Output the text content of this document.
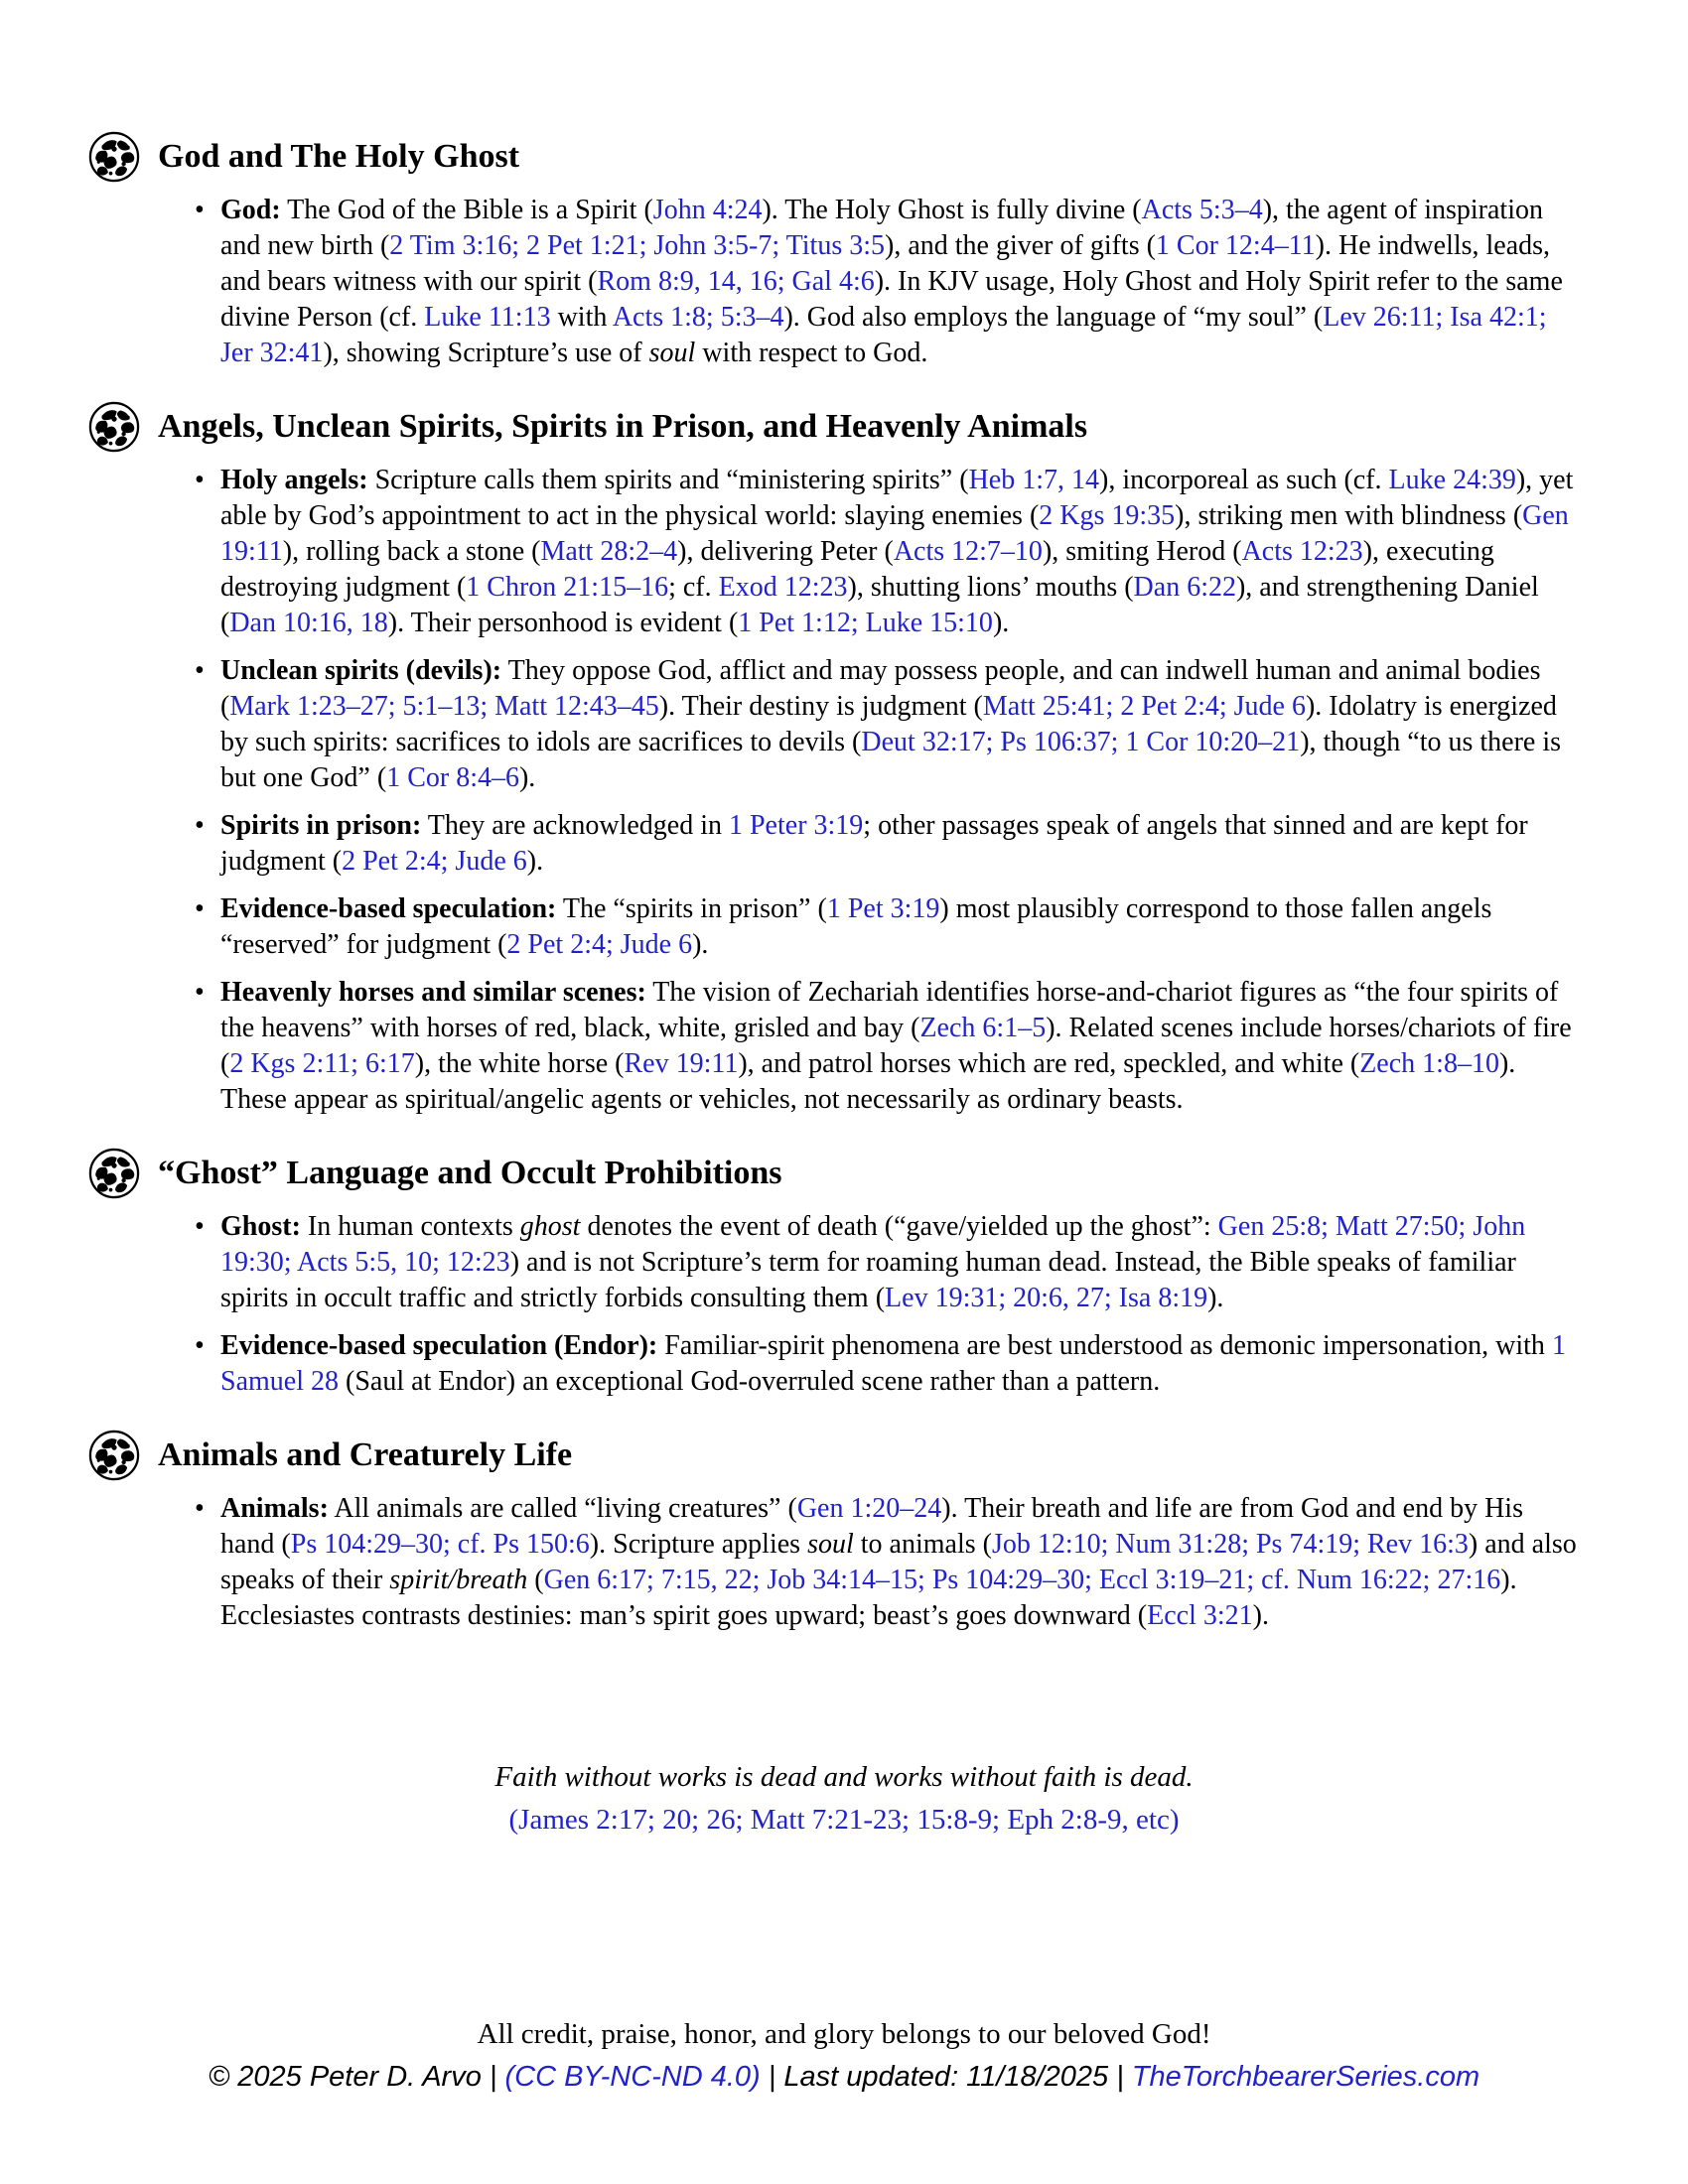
God and The Holy Ghost
• God: The God of the Bible is a Spirit (John 4:24). The Holy Ghost is fully divine (Acts 5:3–4), the agent of inspiration and new birth (2 Tim 3:16; 2 Pet 1:21; John 3:5-7; Titus 3:5), and the giver of gifts (1 Cor 12:4–11). He indwells, leads, and bears witness with our spirit (Rom 8:9, 14, 16; Gal 4:6). In KJV usage, Holy Ghost and Holy Spirit refer to the same divine Person (cf. Luke 11:13 with Acts 1:8; 5:3–4). God also employs the language of “my soul” (Lev 26:11; Isa 42:1; Jer 32:41), showing Scripture’s use of soul with respect to God.
Angels, Unclean Spirits, Spirits in Prison, and Heavenly Animals
• Holy angels: Scripture calls them spirits and “ministering spirits” (Heb 1:7, 14), incorporeal as such (cf. Luke 24:39), yet able by God’s appointment to act in the physical world: slaying enemies (2 Kgs 19:35), striking men with blindness (Gen 19:11), rolling back a stone (Matt 28:2–4), delivering Peter (Acts 12:7–10), smiting Herod (Acts 12:23), executing destroying judgment (1 Chron 21:15–16; cf. Exod 12:23), shutting lions’ mouths (Dan 6:22), and strengthening Daniel (Dan 10:16, 18). Their personhood is evident (1 Pet 1:12; Luke 15:10).
• Unclean spirits (devils): They oppose God, afflict and may possess people, and can indwell human and animal bodies (Mark 1:23–27; 5:1–13; Matt 12:43–45). Their destiny is judgment (Matt 25:41; 2 Pet 2:4; Jude 6). Idolatry is energized by such spirits: sacrifices to idols are sacrifices to devils (Deut 32:17; Ps 106:37; 1 Cor 10:20–21), though “to us there is but one God” (1 Cor 8:4–6).
• Spirits in prison: They are acknowledged in 1 Peter 3:19; other passages speak of angels that sinned and are kept for judgment (2 Pet 2:4; Jude 6).
• Evidence-based speculation: The “spirits in prison” (1 Pet 3:19) most plausibly correspond to those fallen angels “reserved” for judgment (2 Pet 2:4; Jude 6).
• Heavenly horses and similar scenes: The vision of Zechariah identifies horse-and-chariot figures as “the four spirits of the heavens” with horses of red, black, white, grisled and bay (Zech 6:1–5). Related scenes include horses/chariots of fire (2 Kgs 2:11; 6:17), the white horse (Rev 19:11), and patrol horses which are red, speckled, and white (Zech 1:8–10). These appear as spiritual/angelic agents or vehicles, not necessarily as ordinary beasts.
“Ghost” Language and Occult Prohibitions
• Ghost: In human contexts ghost denotes the event of death (“gave/yielded up the ghost”: Gen 25:8; Matt 27:50; John 19:30; Acts 5:5, 10; 12:23) and is not Scripture’s term for roaming human dead. Instead, the Bible speaks of familiar spirits in occult traffic and strictly forbids consulting them (Lev 19:31; 20:6, 27; Isa 8:19).
• Evidence-based speculation (Endor): Familiar-spirit phenomena are best understood as demonic impersonation, with 1 Samuel 28 (Saul at Endor) an exceptional God-overruled scene rather than a pattern.
Animals and Creaturely Life
• Animals: All animals are called “living creatures” (Gen 1:20–24). Their breath and life are from God and end by His hand (Ps 104:29–30; cf. Ps 150:6). Scripture applies soul to animals (Job 12:10; Num 31:28; Ps 74:19; Rev 16:3) and also speaks of their spirit/breath (Gen 6:17; 7:15, 22; Job 34:14–15; Ps 104:29–30; Eccl 3:19–21; cf. Num 16:22; 27:16). Ecclesiastes contrasts destinies: man’s spirit goes upward; beast’s goes downward (Eccl 3:21).
Faith without works is dead and works without faith is dead.
(James 2:17; 20; 26; Matt 7:21-23; 15:8-9; Eph 2:8-9, etc)
All credit, praise, honor, and glory belongs to our beloved God!
© 2025 Peter D. Arvo | (CC BY-NC-ND 4.0) | Last updated: 11/18/2025 | TheTorchbearerSeries.com
